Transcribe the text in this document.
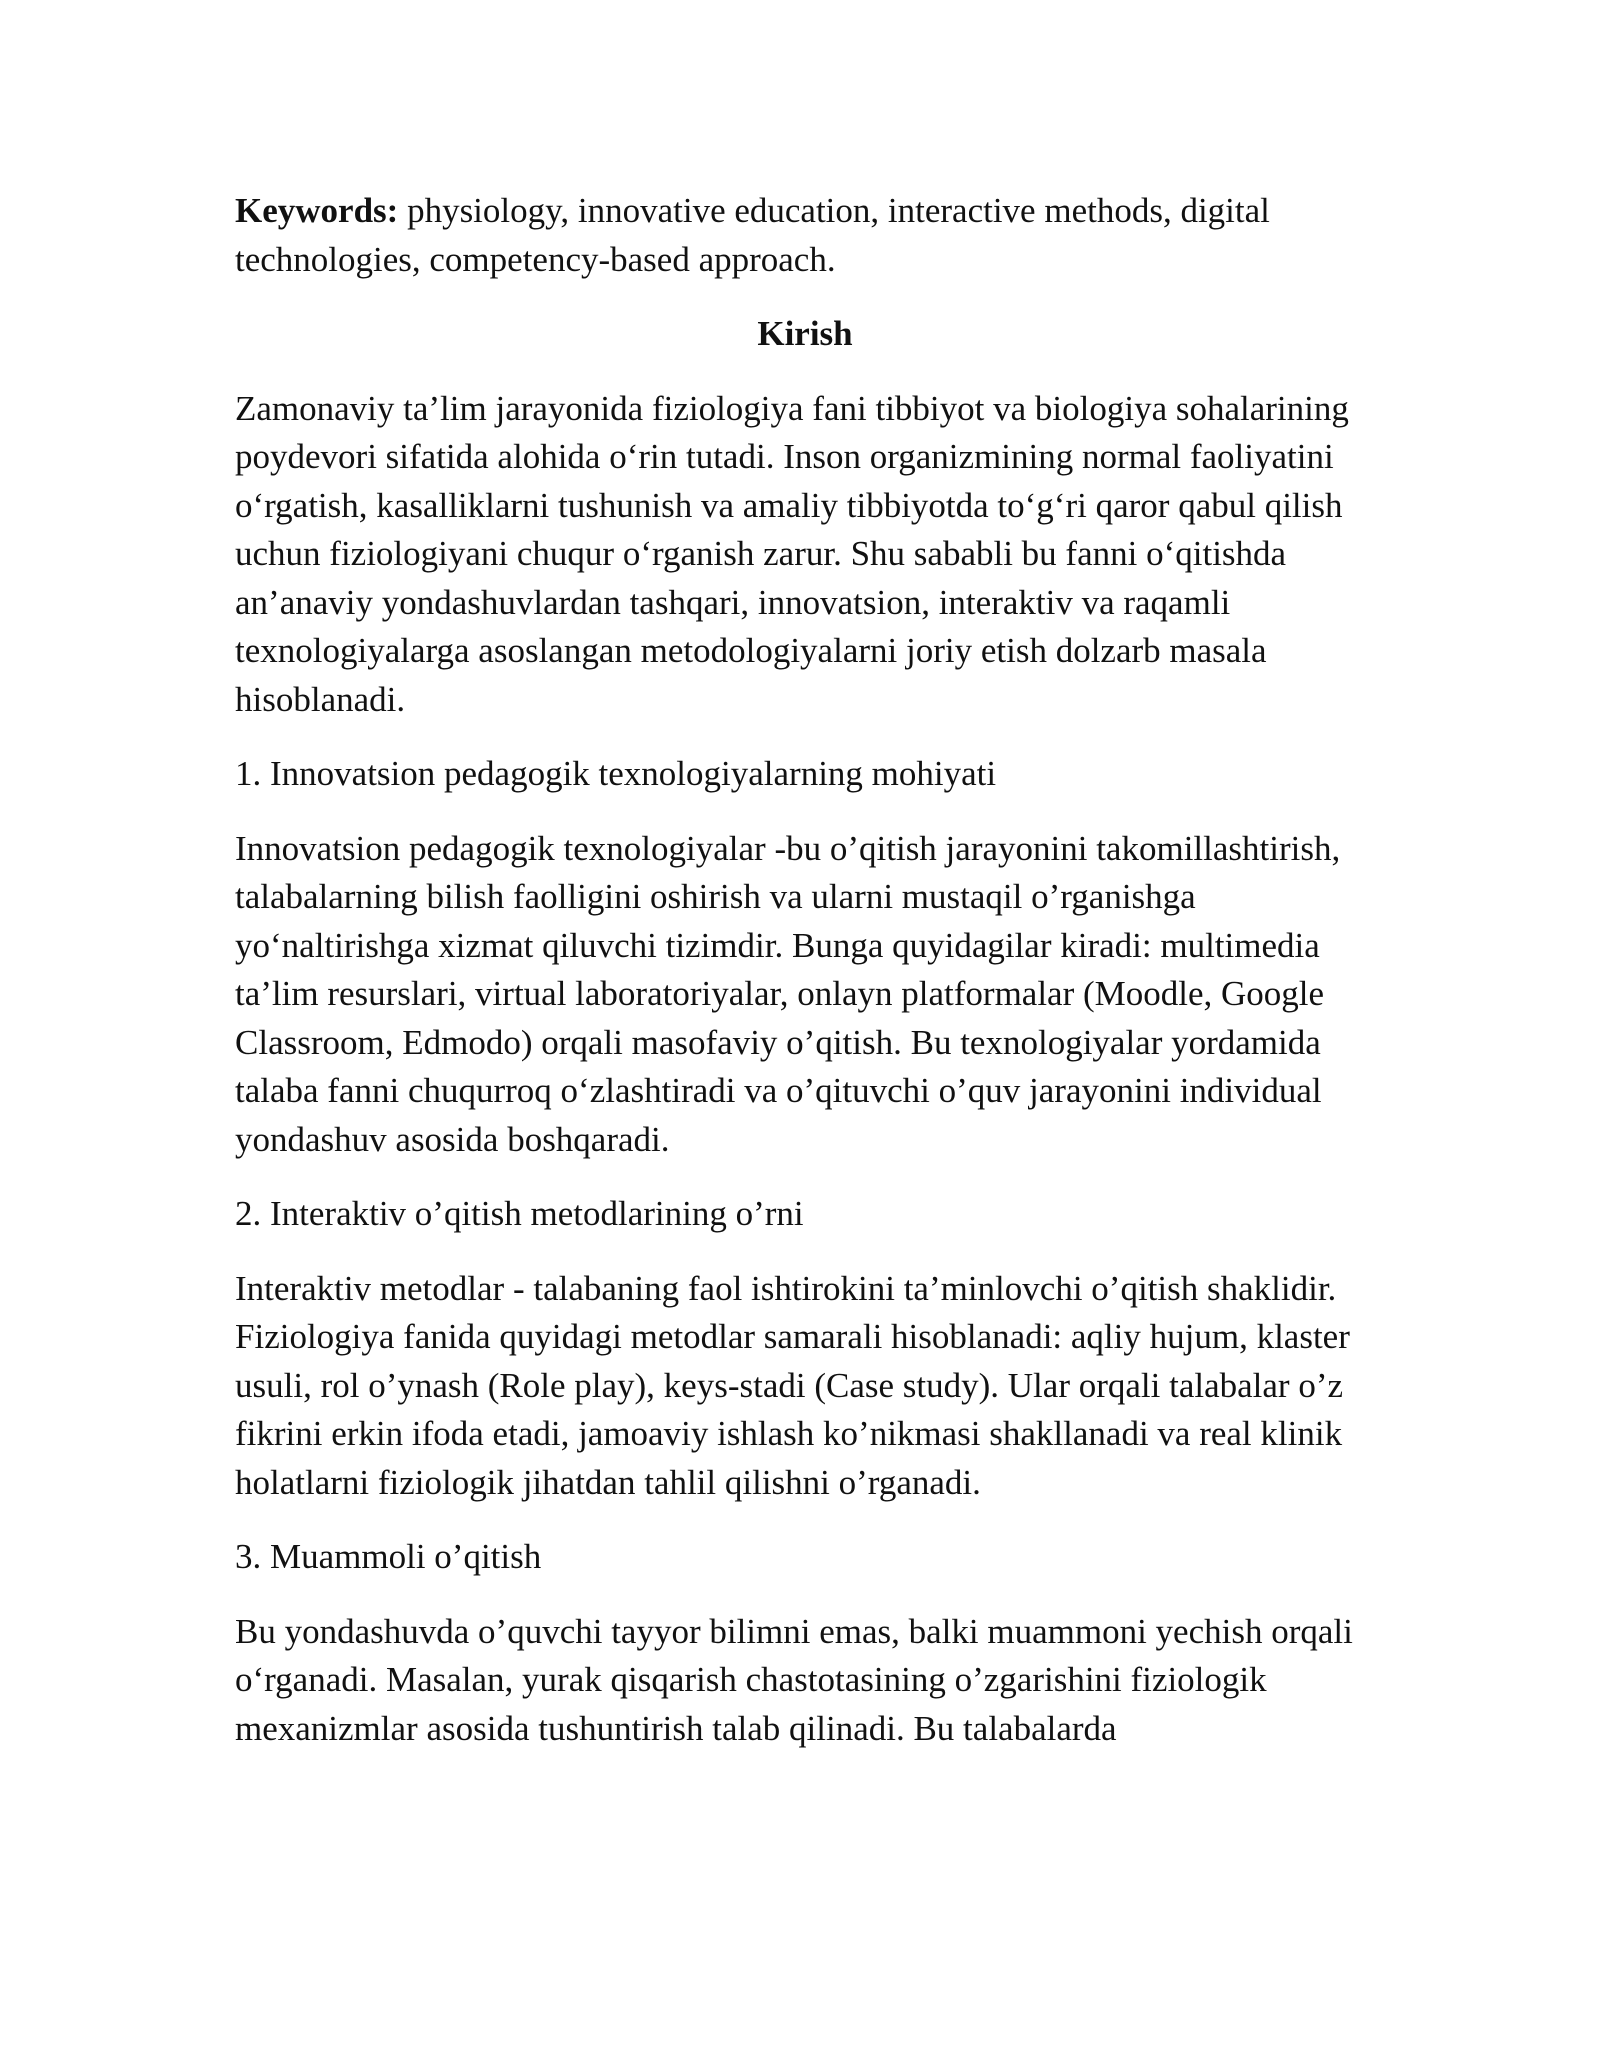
Keywords: physiology, innovative education, interactive methods, digital technologies, competency-based approach.

Kirish

Zamonaviy ta’lim jarayonida fiziologiya fani tibbiyot va biologiya sohalarining poydevori sifatida alohida o‘rin tutadi. Inson organizmining normal faoliyatini o‘rgatish, kasalliklarni tushunish va amaliy tibbiyotda to‘g‘ri qaror qabul qilish uchun fiziologiyani chuqur o‘rganish zarur. Shu sababli bu fanni o‘qitishda an’anaviy yondashuvlardan tashqari, innovatsion, interaktiv va raqamli texnologiyalarga asoslangan metodologiyalarni joriy etish dolzarb masala hisoblanadi.

1. Innovatsion pedagogik texnologiyalarning mohiyati

Innovatsion pedagogik texnologiyalar -bu o’qitish jarayonini takomillashtirish, talabalarning bilish faolligini oshirish va ularni mustaqil o’rganishga yo‘naltirishga xizmat qiluvchi tizimdir. Bunga quyidagilar kiradi: multimedia ta’lim resurslari, virtual laboratoriyalar, onlayn platformalar (Moodle, Google Classroom, Edmodo) orqali masofaviy o’qitish. Bu texnologiyalar yordamida talaba fanni chuqurroq o‘zlashtiradi va o’qituvchi o’quv jarayonini individual yondashuv asosida boshqaradi.

2. Interaktiv o’qitish metodlarining o’rni

Interaktiv metodlar - talabaning faol ishtirokini ta’minlovchi o’qitish shaklidir. Fiziologiya fanida quyidagi metodlar samarali hisoblanadi: aqliy hujum, klaster usuli, rol o’ynash (Role play), keys-stadi (Case study). Ular orqali talabalar o’z fikrini erkin ifoda etadi, jamoaviy ishlash ko’nikmasi shakllanadi va real klinik holatlarni fiziologik jihatdan tahlil qilishni o’rganadi.

3. Muammoli o’qitish

Bu yondashuvda o’quvchi tayyor bilimni emas, balki muammoni yechish orqali o‘rganadi. Masalan, yurak qisqarish chastotasining o’zgarishini fiziologik mexanizmlar asosida tushuntirish talab qilinadi. Bu talabalarda
